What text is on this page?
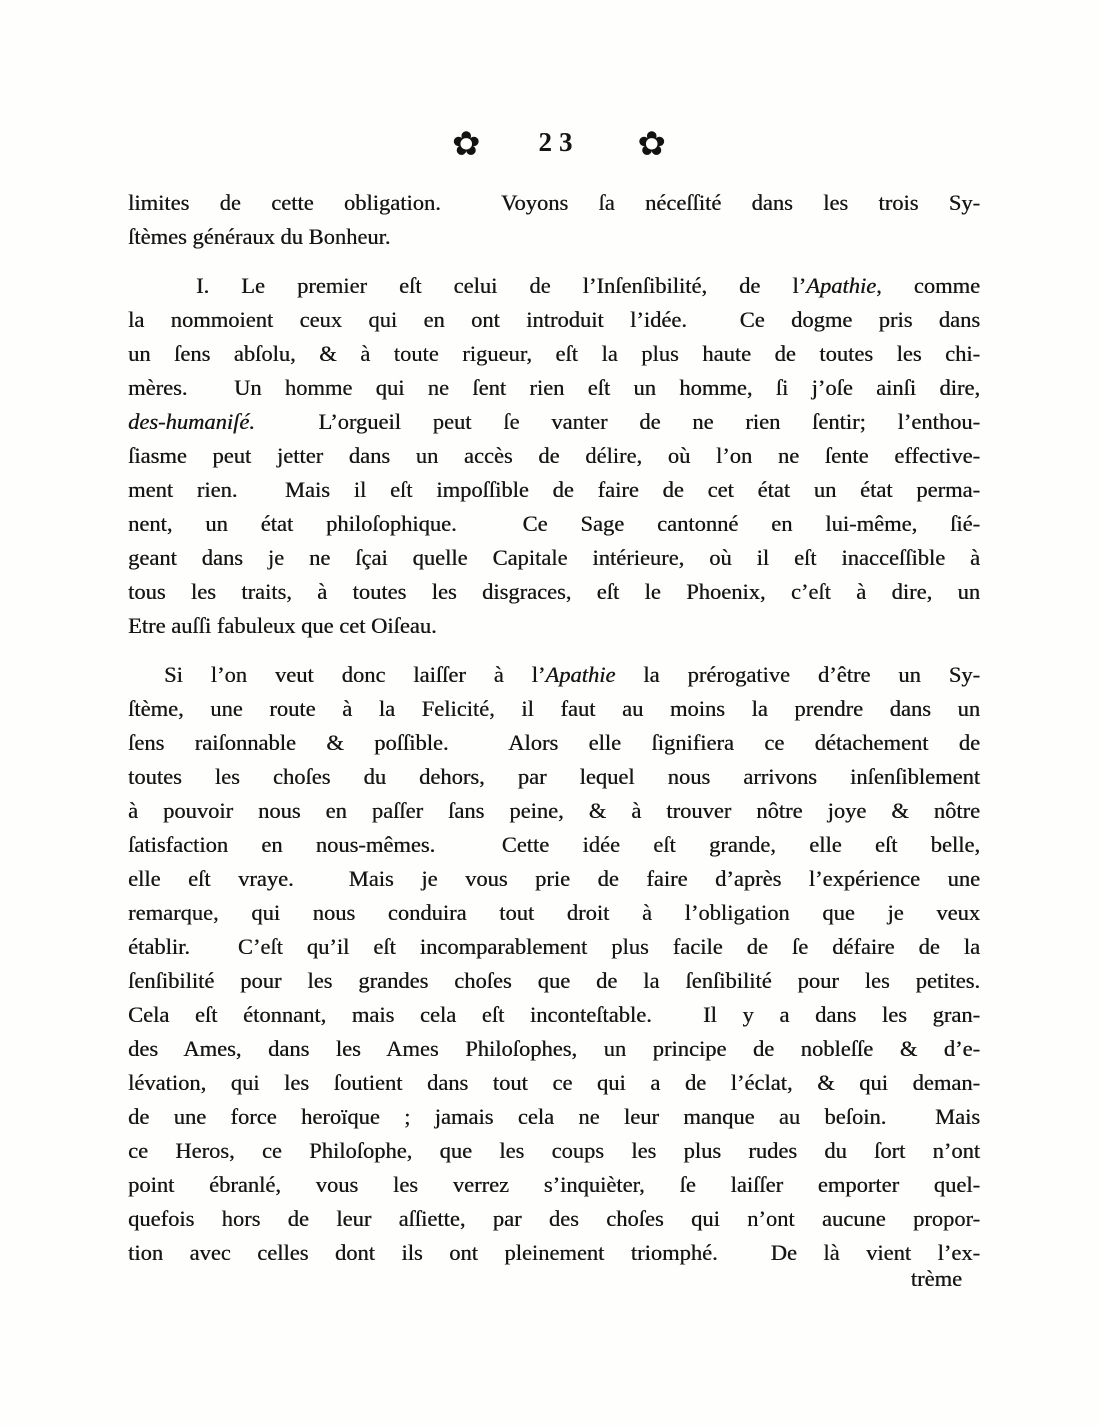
✿ 23 ✿
limites de cette obligation.  Voyons ſa néceſſité dans les trois Sy-
ſtèmes généraux du Bonheur.
I. Le premier eſt celui de l’Inſenſibilité, de l’Apathie, comme
la nommoient ceux qui en ont introduit l’idée.  Ce dogme pris dans
un ſens abſolu, & à toute rigueur, eſt la plus haute de toutes les chi-
mères.  Un homme qui ne ſent rien eſt un homme, ſi j’oſe ainſi dire,
des-humaniſé.  L’orgueil peut ſe vanter de ne rien ſentir; l’enthou-
ſiasme peut jetter dans un accès de délire, où l’on ne ſente effective-
ment rien.  Mais il eſt impoſſible de faire de cet état un état perma-
nent, un état philoſophique.  Ce Sage cantonné en lui-même, ſié-
geant dans je ne ſçai quelle Capitale intérieure, où il eſt inacceſſible à
tous les traits, à toutes les disgraces, eſt le Phoenix, c’eſt à dire, un
Etre auſſi fabuleux que cet Oiſeau.
Si l’on veut donc laiſſer à l’Apathie la prérogative d’être un Sy-
ſtème, une route à la Felicité, il faut au moins la prendre dans un
ſens raiſonnable & poſſible.  Alors elle ſignifiera ce détachement de
toutes les choſes du dehors, par lequel nous arrivons inſenſiblement
à pouvoir nous en paſſer ſans peine, & à trouver nôtre joye & nôtre
ſatisfaction en nous-mêmes.  Cette idée eſt grande, elle eſt belle,
elle eſt vraye.  Mais je vous prie de faire d’après l’expérience une
remarque, qui nous conduira tout droit à l’obligation que je veux
établir.  C’eſt qu’il eſt incomparablement plus facile de ſe défaire de la
ſenſibilité pour les grandes choſes que de la ſenſibilité pour les petites.
Cela eſt étonnant, mais cela eſt inconteſtable.  Il y a dans les gran-
des Ames, dans les Ames Philoſophes, un principe de nobleſſe & d’e-
lévation, qui les ſoutient dans tout ce qui a de l’éclat, & qui deman-
de une force heroïque ; jamais cela ne leur manque au beſoin.  Mais
ce Heros, ce Philoſophe, que les coups les plus rudes du ſort n’ont
point ébranlé, vous les verrez s’inquièter, ſe laiſſer emporter quel-
quefois hors de leur aſſiette, par des choſes qui n’ont aucune propor-
tion avec celles dont ils ont pleinement triomphé.  De là vient l’ex-
trème
